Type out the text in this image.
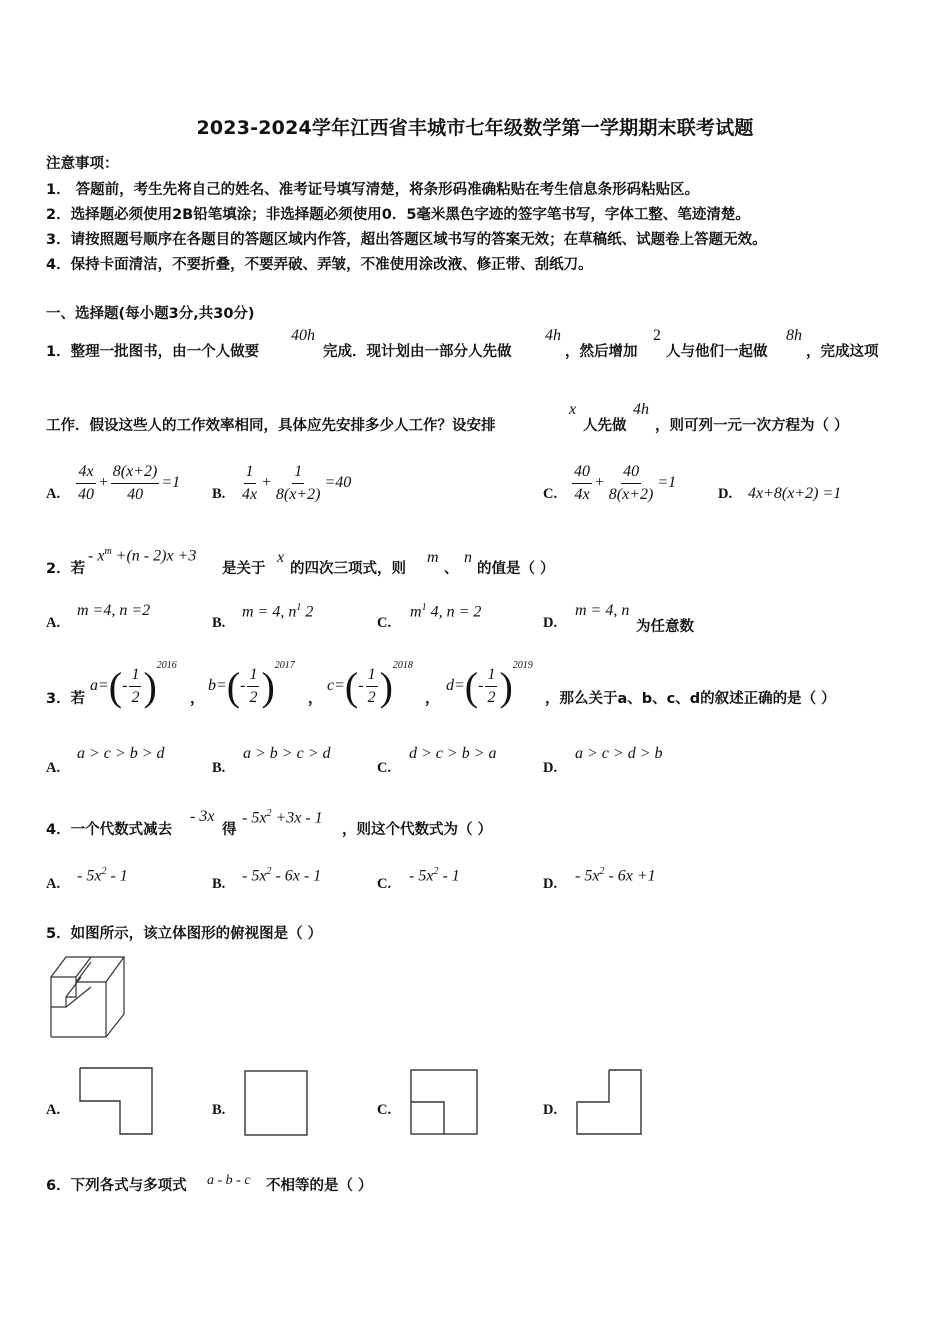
2023-2024学年江西省丰城市七年级数学第一学期期末联考试题
注意事项：
1． 答题前，考生先将自己的姓名、准考证号填写清楚，将条形码准确粘贴在考生信息条形码粘贴区。
2．选择题必须使用2B铅笔填涂；非选择题必须使用0．5毫米黑色字迹的签字笔书写，字体工整、笔迹清楚。
3．请按照题号顺序在各题目的答题区域内作答，超出答题区域书写的答案无效；在草稿纸、试题卷上答题无效。
4．保持卡面清洁，不要折叠，不要弄破、弄皱，不准使用涂改液、修正带、刮纸刀。
一、选择题(每小题3分,共30分)
1．整理一批图书，由一个人做要
40h
完成．现计划由一部分人先做
4h
，然后增加
2
人与他们一起做
8h
，完成这项
工作．假设这些人的工作效率相同，具体应先安排多少人工作？设安排
x
人先做
4h
，则可列一元一次方程为（ ）
A. $\frac{4x}{40} + \frac{8(x+2)}{40} =1$
B. $\frac{1}{4x} + \frac{1}{8(x+2)} =40$
C. $\frac{40}{4x} + \frac{40}{8(x+2)} =1$
D. 4x+8(x+2) =1
2．若
- $x^m +(n - 2)x +3$
是关于
x
的四次三项式，则
m
、
n
的值是（ ）
A.
m =4, n =2
B.
m = 4, $n^1$ 2
C.
$m^1$ 4, n = 2
D.
m = 4, n
为任意数
3．若
$a=(- \frac{1}{2} )^{2016}$
，
$b=(- \frac{1}{2} )^{2017}$
，
$c=(- \frac{1}{2} )^{2018}$
，
$d=(- \frac{1}{2} )^{2019}$
，那么关于a、b、c、d的叙述正确的是（ ）
A.
a > c > b > d
B.
a > b > c > d
C.
d > c > b > a
D.
a > c > d > b
4．一个代数式减去
- 3x
得
- $5x^2 +3x - 1$
，则这个代数式为（ ）
A. - $5x^2 - 1$	B. - $5x^2 - 6x - 1$	C. - $5x^2 - 1$	D. - $5x^2 - 6x +1$
5．如图所示，该立体图形的俯视图是（ ）
A.	B.	C.	D.
6．下列各式与多项式 a - b - c 不相等的是（ ）
